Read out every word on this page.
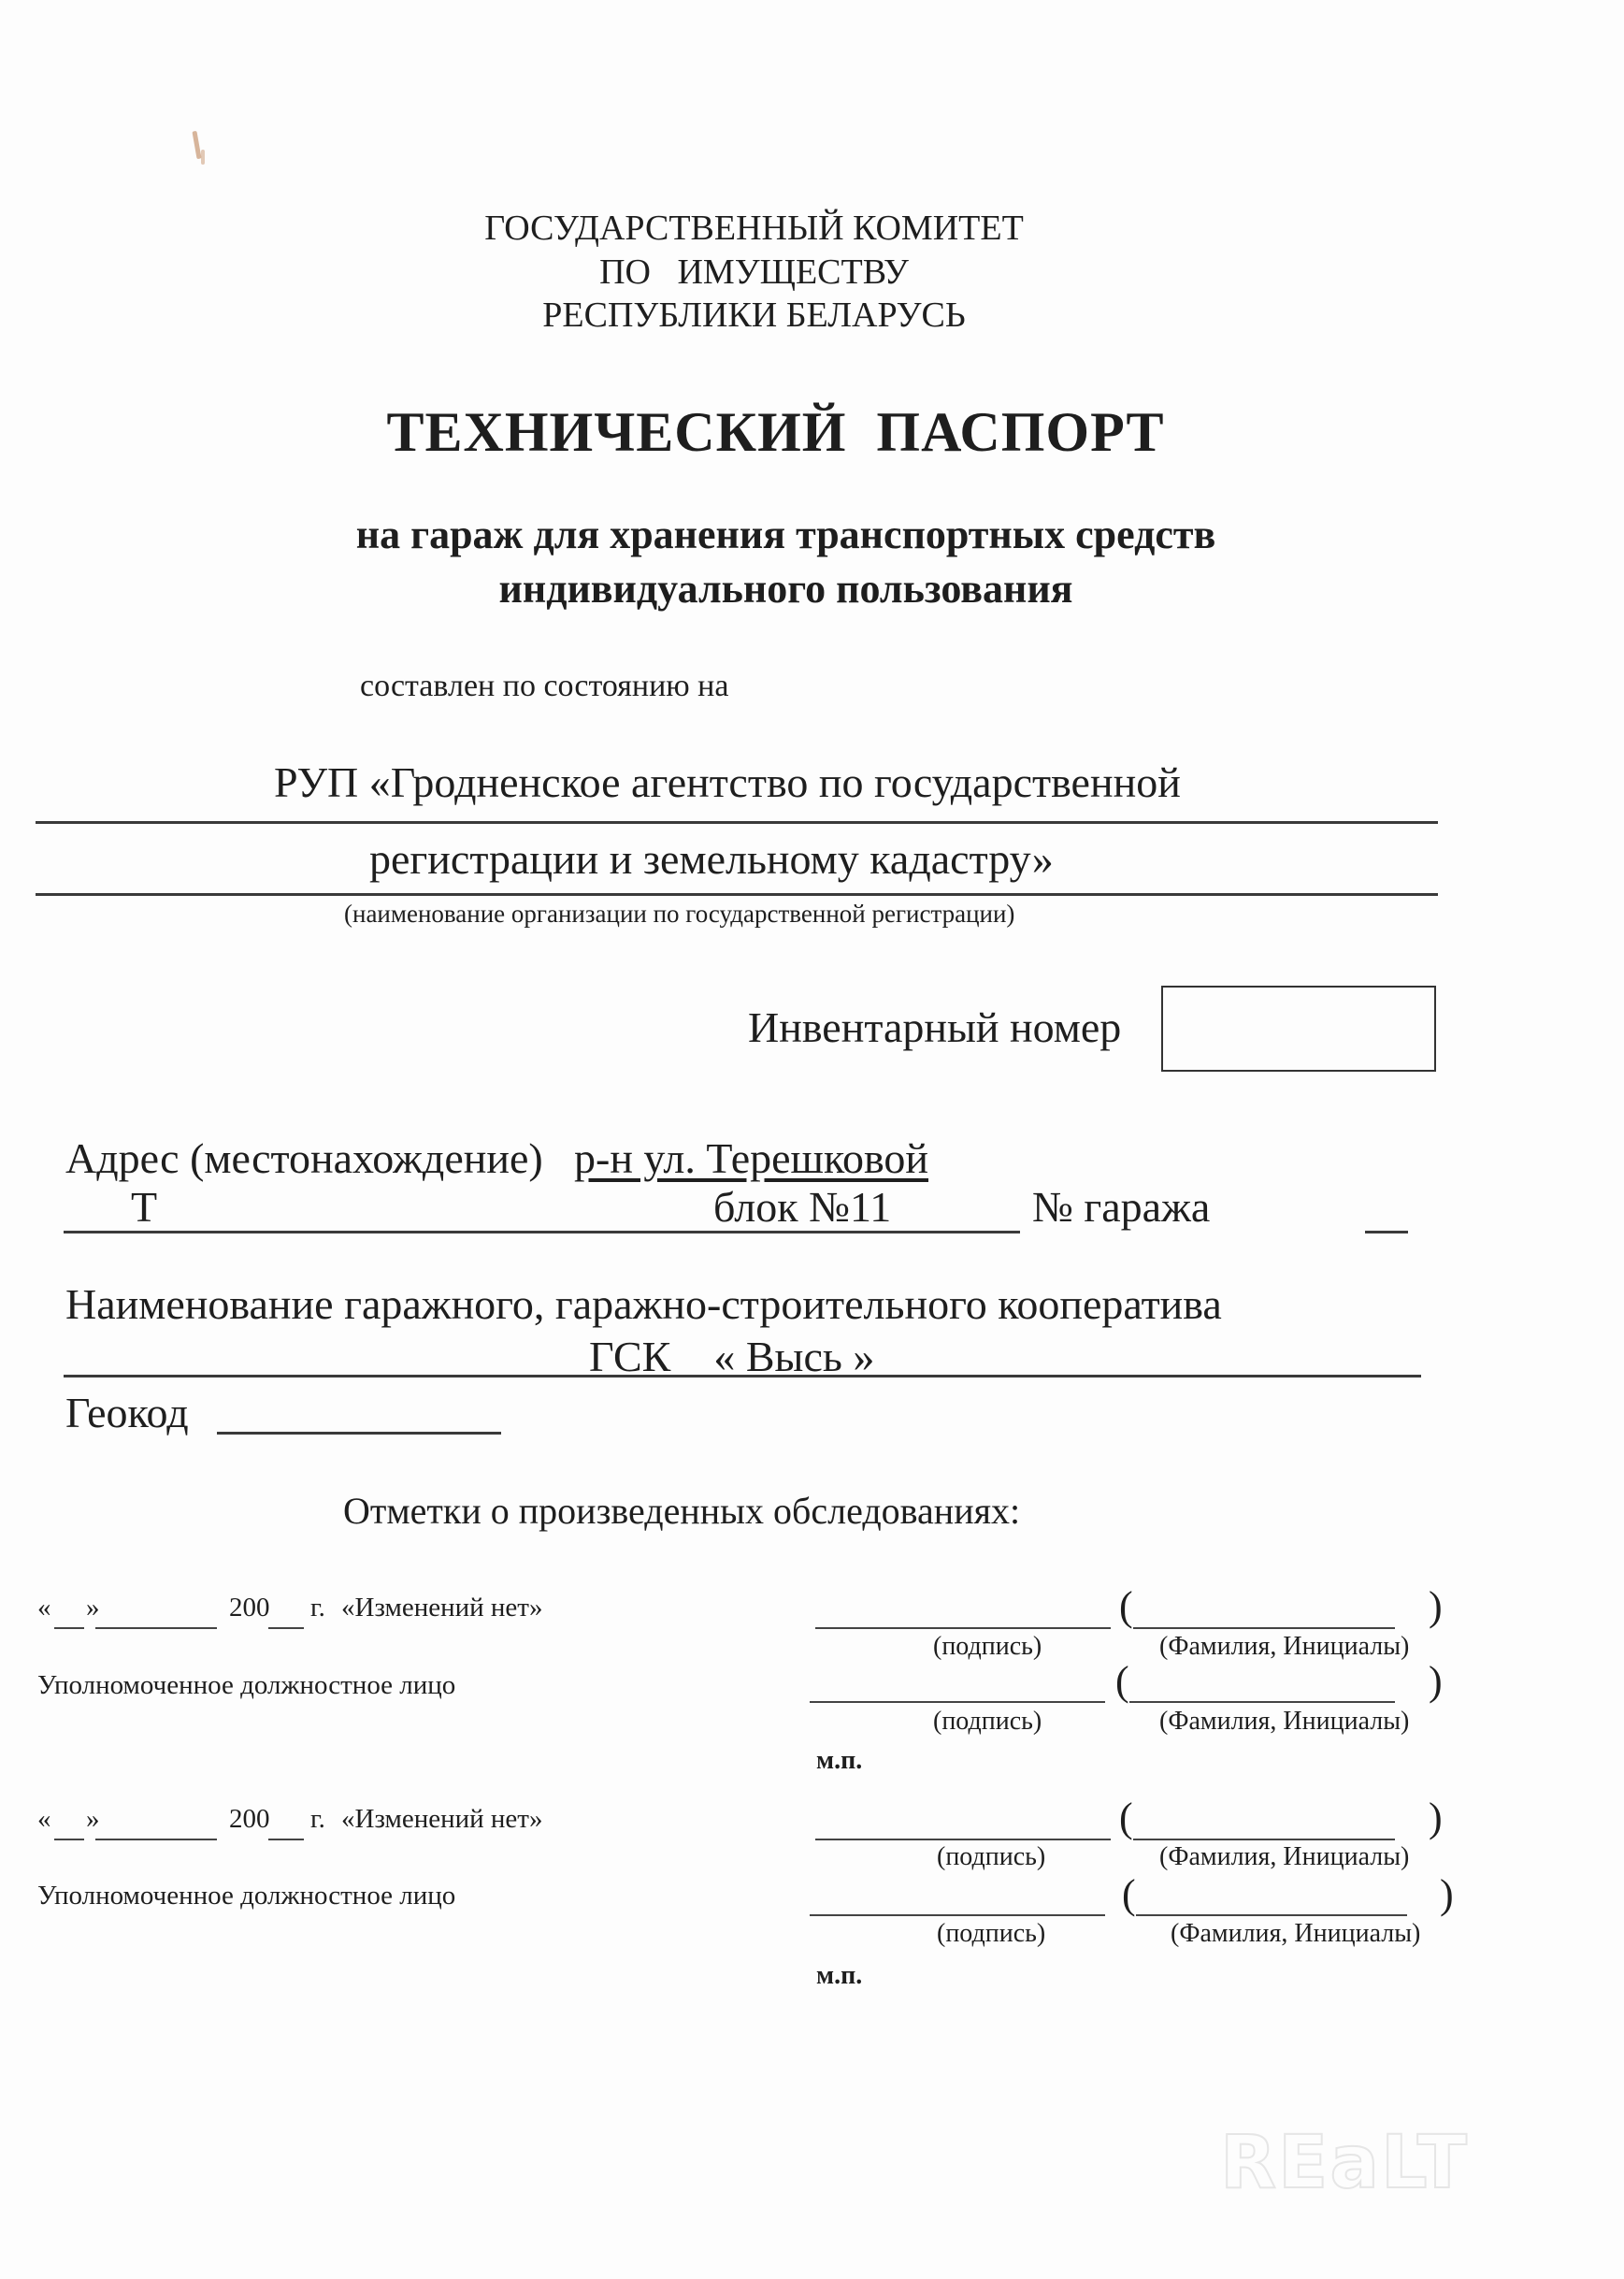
ГОСУДАРСТВЕННЫЙ КОМИТЕТ
ПО   ИМУЩЕСТВУ
РЕСПУБЛИКИ БЕЛАРУСЬ
ТЕХНИЧЕСКИЙ  ПАСПОРТ
на гараж для хранения транспортных средств
индивидуального пользования
составлен по состоянию на
РУП «Гродненское агентство по государственной
регистрации и земельному кадастру»
(наименование организации по государственной регистрации)
Инвентарный номер
Адрес (местонахождение) р-н ул. Терешковой
Т	блок №11	№ гаража
Наименование гаражного, гаражно-строительного кооператива
ГСК    « Высь »
Геокод
Отметки о произведенных обследованиях:
« »	200 г. «Изменений нет»	(	)
(подпись)	(Фамилия, Инициалы)
Уполномоченное должностное лицо	(	)
(подпись)	(Фамилия, Инициалы)
м.п.
« »	200 г. «Изменений нет»	(	)
(подпись)	(Фамилия, Инициалы)
Уполномоченное должностное лицо	(	)
(подпись)	(Фамилия, Инициалы)
м.п.
REaLT
